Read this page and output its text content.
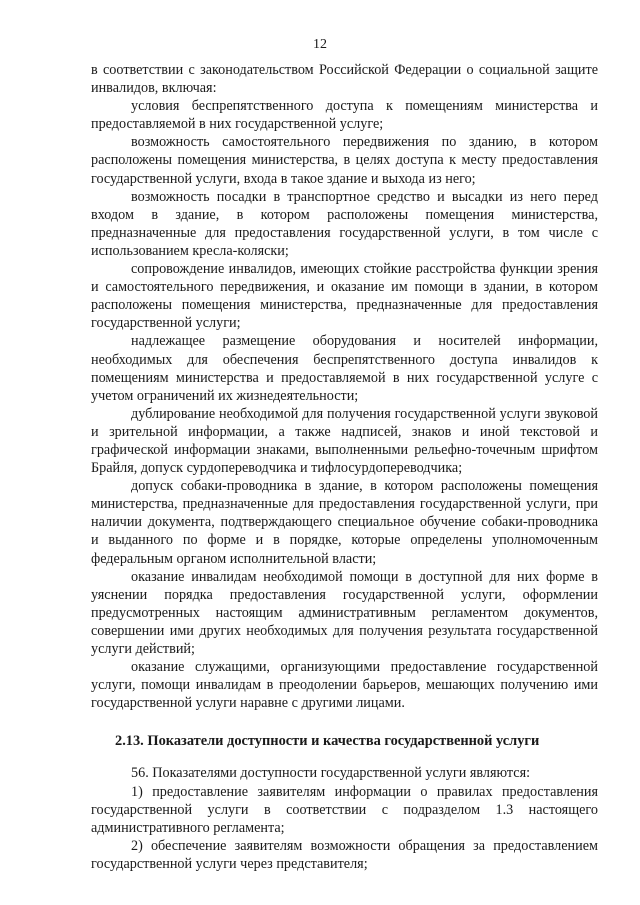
12

в соответствии с законодательством Российской Федерации о социальной защите инвалидов, включая:

условия беспрепятственного доступа к помещениям министерства и предоставляемой в них государственной услуге;

возможность самостоятельного передвижения по зданию, в котором расположены помещения министерства, в целях доступа к месту предоставления государственной услуги, входа в такое здание и выхода из него;

возможность посадки в транспортное средство и высадки из него перед входом в здание, в котором расположены помещения министерства, предназначенные для предоставления государственной услуги, в том числе с использованием кресла-коляски;

сопровождение инвалидов, имеющих стойкие расстройства функции зрения и самостоятельного передвижения, и оказание им помощи в здании, в котором расположены помещения министерства, предназначенные для предоставления государственной услуги;

надлежащее размещение оборудования и носителей информации, необходимых для обеспечения беспрепятственного доступа инвалидов к помещениям министерства и предоставляемой в них государственной услуге с учетом ограничений их жизнедеятельности;

дублирование необходимой для получения государственной услуги звуковой и зрительной информации, а также надписей, знаков и иной текстовой и графической информации знаками, выполненными рельефно-точечным шрифтом Брайля, допуск сурдопереводчика и тифлосурдопереводчика;

допуск собаки-проводника в здание, в котором расположены помещения министерства, предназначенные для предоставления государственной услуги, при наличии документа, подтверждающего специальное обучение собаки-проводника и выданного по форме и в порядке, которые определены уполномоченным федеральным органом исполнительной власти;

оказание инвалидам необходимой помощи в доступной для них форме в уяснении порядка предоставления государственной услуги, оформлении предусмотренных настоящим административным регламентом документов, совершении ими других необходимых для получения результата государственной услуги действий;

оказание служащими, организующими предоставление государственной услуги, помощи инвалидам в преодолении барьеров, мешающих получению ими государственной услуги наравне с другими лицами.

2.13. Показатели доступности и качества государственной услуги

56. Показателями доступности государственной услуги являются:

1) предоставление заявителям информации о правилах предоставления государственной услуги в соответствии с подразделом 1.3 настоящего административного регламента;

2) обеспечение заявителям возможности обращения за предоставлением государственной услуги через представителя;
